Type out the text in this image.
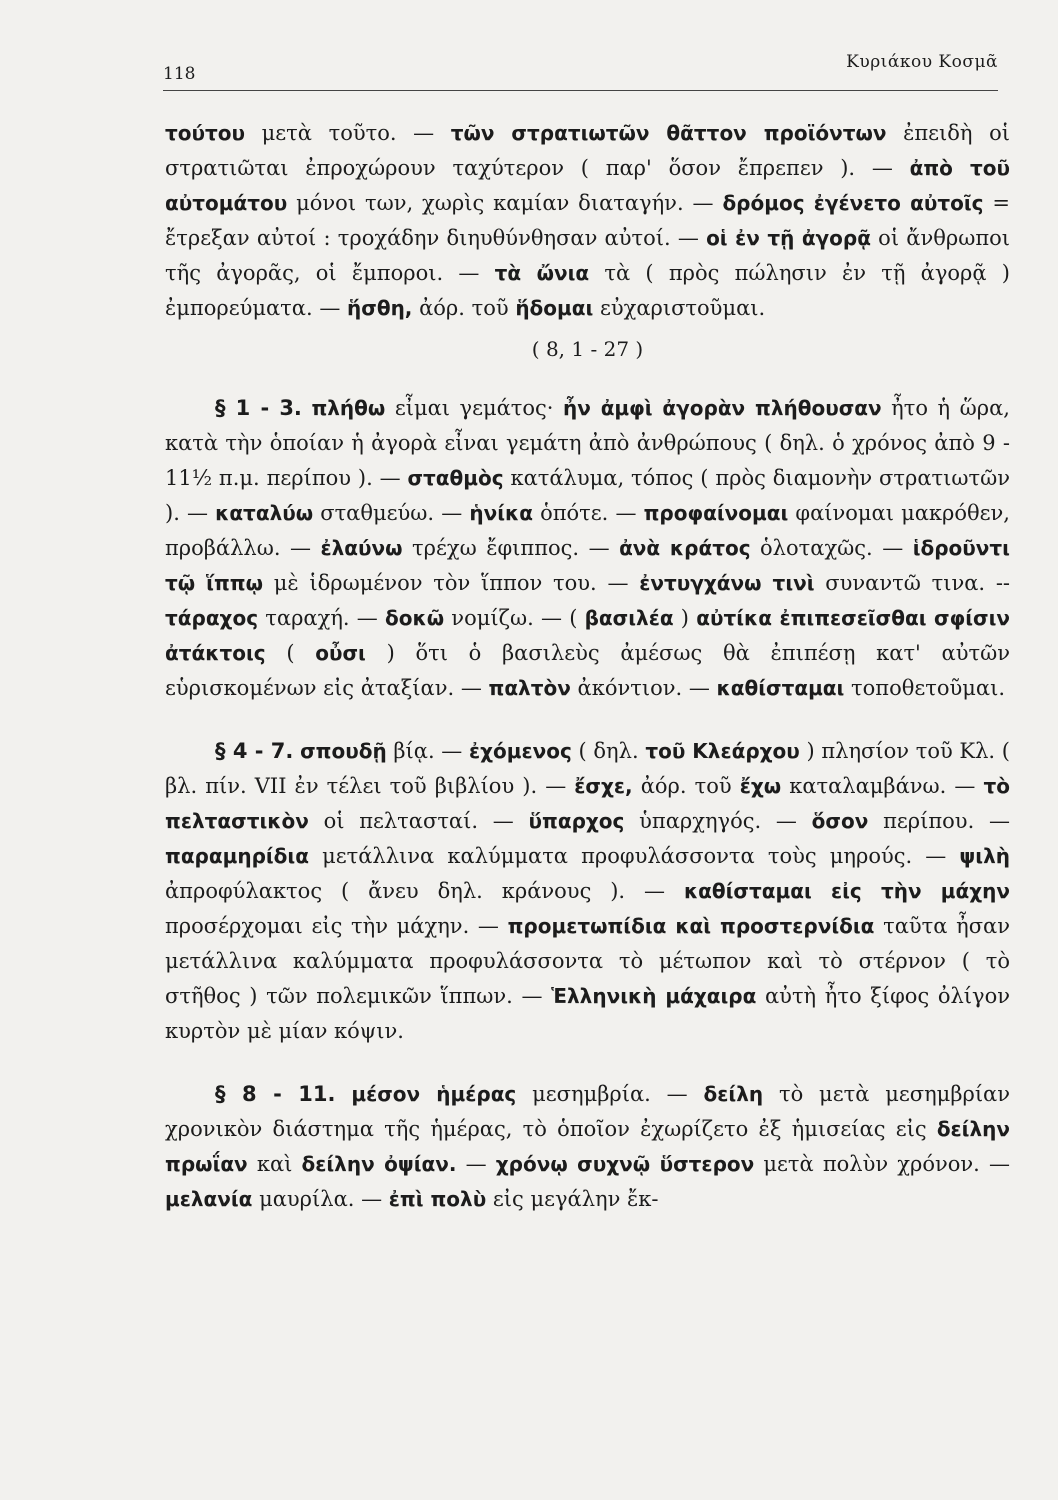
118
Κυριάκου Κοσμᾶ

τούτου μετὰ τοῦτο. — τῶν στρατιωτῶν θᾶττον προϊόντων ἐπειδὴ οἱ στρατιῶται ἐπροχώρουν ταχύτερον ( παρ' ὅσον ἔπρεπεν ). — ἀπὸ τοῦ αὐτομάτου μόνοι των, χωρὶς καμίαν διαταγήν. — δρόμος ἐγένετο αὐτοῖς = ἔτρεξαν αὐτοί : τροχάδην διηυθύνθησαν αὐτοί. — οἱ ἐν τῇ ἀγορᾷ οἱ ἄνθρωποι τῆς ἀγορᾶς, οἱ ἔμποροι. — τὰ ὤνια τὰ ( πρὸς πώλησιν ἐν τῇ ἀγορᾷ ) ἐμπορεύματα. — ἥσθη, ἀόρ. τοῦ ἥδομαι εὐχαριστοῦμαι.

( 8, 1 - 27 )

§ 1 - 3. πλήθω εἶμαι γεμάτος· ἦν ἀμφὶ ἀγορὰν πλήθουσαν ἦτο ἡ ὥρα, κατὰ τὴν ὁποίαν ἡ ἀγορὰ εἶναι γεμάτη ἀπὸ ἀνθρώπους ( δηλ. ὁ χρόνος ἀπὸ 9 - 11½ π.μ. περίπου ). — σταθμὸς κατάλυμα, τόπος ( πρὸς διαμονὴν στρατιωτῶν ). — καταλύω σταθμεύω. — ἡνίκα ὁπότε. — προφαίνομαι φαίνομαι μακρόθεν, προβάλλω. — ἐλαύνω τρέχω ἔφιππος. — ἀνὰ κράτος ὁλοταχῶς. — ἱδροῦντι τῷ ἵππῳ μὲ ἱδρωμένον τὸν ἵππον του. — ἐντυγχάνω τινὶ συναντῶ τινα. -- τάραχος ταραχή. — δοκῶ νομίζω. — ( βασιλέα ) αὐτίκα ἐπιπεσεῖσθαι σφίσιν ἀτάκτοις ( οὖσι ) ὅτι ὁ βασιλεὺς ἀμέσως θὰ ἐπιπέσῃ κατ' αὐτῶν εὑρισκομένων εἰς ἀταξίαν. — παλτὸν ἀκόντιον. — καθίσταμαι τοποθετοῦμαι.

§ 4 - 7. σπουδῇ βίᾳ. — ἐχόμενος ( δηλ. τοῦ Κλεάρχου ) πλησίον τοῦ Κλ. ( βλ. πίν. VII ἐν τέλει τοῦ βιβλίου ). — ἔσχε, ἀόρ. τοῦ ἔχω καταλαμβάνω. — τὸ πελταστικὸν οἱ πελτασταί. — ὕπαρχος ὑπαρχηγός. — ὅσον περίπου. — παραμηρίδια μετάλλινα καλύμματα προφυλάσσοντα τοὺς μηρούς. — ψιλὴ ἀπροφύλακτος ( ἄνευ δηλ. κράνους ). — καθίσταμαι εἰς τὴν μάχην προσέρχομαι εἰς τὴν μάχην. — προμετωπίδια καὶ προστερνίδια ταῦτα ἦσαν μετάλλινα καλύμματα προφυλάσσοντα τὸ μέτωπον καὶ τὸ στέρνον ( τὸ στῆθος ) τῶν πολεμικῶν ἵππων. — Ἑλληνικὴ μάχαιρα αὐτὴ ἦτο ξίφος ὀλίγον κυρτὸν μὲ μίαν κόψιν.

§ 8 - 11. μέσον ἡμέρας μεσημβρία. — δείλη τὸ μετὰ μεσημβρίαν χρονικὸν διάστημα τῆς ἡμέρας, τὸ ὁποῖον ἐχωρίζετο ἐξ ἡμισείας εἰς δείλην πρωΐαν καὶ δείλην ὀψίαν. — χρόνῳ συχνῷ ὕστερον μετὰ πολὺν χρόνον. — μελανία μαυρίλα. — ἐπὶ πολὺ εἰς μεγάλην ἔκ-
